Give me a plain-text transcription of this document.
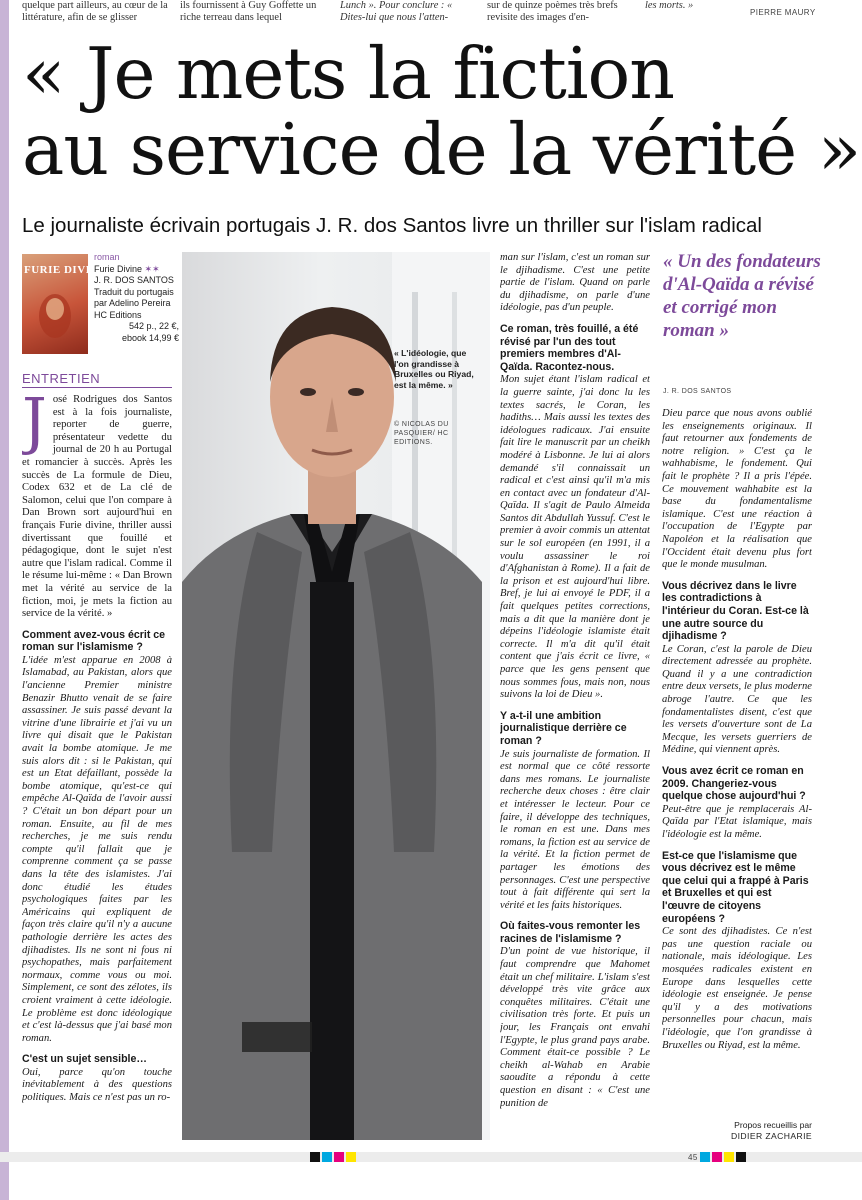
quelque part ailleurs, au cœur de la littérature, afin de se glisser
ils fournissent à Guy Goffette un riche terreau dans lequel
Lunch ». Pour conclure : « Dites-lui que nous l'atten-
sur de quinze poèmes très brefs revisite des images d'en-
les morts. »
PIERRE MAURY
« Je mets la fiction
au service de la vérité »
Le journaliste écrivain portugais J. R. dos Santos livre un thriller sur l'islam radical
FURIE DIVINE
roman
Furie Divine ✶✶
J. R. DOS SANTOS
Traduit du portugais par Adelino Pereira
HC Editions
542 p., 22 €,
ebook 14,99 €
ENTRETIEN

José Rodrigues dos Santos est à la fois journaliste, reporter de guerre, présentateur vedette du journal de 20 h au Portugal et romancier à succès. Après les succès de La formule de Dieu, Codex 632 et de La clé de Salomon, celui que l'on compare à Dan Brown sort aujourd'hui en français Furie divine, thriller aussi divertissant que fouillé et pédagogique, dont le sujet n'est autre que l'islam radical. Comme il le résume lui-même : « Dan Brown met la vérité au service de la fiction, moi, je mets la fiction au service de la vérité. »

Comment avez-vous écrit ce roman sur l'islamisme ?

L'idée m'est apparue en 2008 à Islamabad, au Pakistan, alors que l'ancienne Premier ministre Benazir Bhutto venait de se faire assassiner. Je suis passé devant la vitrine d'une librairie et j'ai vu un livre qui disait que le Pakistan avait la bombe atomique. Je me suis alors dit : si le Pakistan, qui est un Etat défaillant, possède la bombe atomique, qu'est-ce qui empêche Al-Qaïda de l'avoir aussi ? C'était un bon départ pour un roman. Ensuite, au fil de mes recherches, je me suis rendu compte qu'il fallait que je comprenne comment ça se passe dans la tête des islamistes. J'ai donc étudié les études psychologiques faites par les Américains qui expliquent de façon très claire qu'il n'y a aucune pathologie derrière les actes des djihadistes. Ils ne sont ni fous ni psychopathes, mais parfaitement normaux, comme vous ou moi. Simplement, ce sont des zélotes, ils croient vraiment à cette idéologie. Le problème est donc idéologique et c'est là-dessus que j'ai basé mon roman.

C'est un sujet sensible…

Oui, parce qu'on touche inévitablement à des questions politiques. Mais ce n'est pas un ro-

« L'idéologie, que l'on grandisse à Bruxelles ou Riyad, est la même. »
© NICOLAS DU PASQUIER/ HC EDITIONS.

man sur l'islam, c'est un roman sur le djihadisme. C'est une petite partie de l'islam. Quand on parle du djihadisme, on parle d'une idéologie, pas d'un peuple.

Ce roman, très fouillé, a été révisé par l'un des tout premiers membres d'Al-Qaïda. Racontez-nous.

Mon sujet étant l'islam radical et la guerre sainte, j'ai donc lu les textes sacrés, le Coran, les hadiths… Mais aussi les textes des idéologues radicaux. J'ai ensuite fait lire le manuscrit par un cheikh modéré à Lisbonne. Je lui ai alors demandé s'il connaissait un radical et c'est ainsi qu'il m'a mis en contact avec un fondateur d'Al-Qaïda. Il s'agit de Paulo Almeida Santos dit Abdullah Yussuf. C'est le premier à avoir commis un attentat sur le sol européen (en 1991, il a voulu assassiner le roi d'Afghanistan à Rome). Il a fait de la prison et est aujourd'hui libre. Bref, je lui ai envoyé le PDF, il a fait quelques petites corrections, mais a dit que la manière dont je dépeins l'idéologie islamiste était correcte. Il m'a dit qu'il était content que j'ais écrit ce livre, « parce que les gens pensent que nous sommes fous, mais non, nous suivons la loi de Dieu ».

Y a-t-il une ambition journalistique derrière ce roman ?

Je suis journaliste de formation. Il est normal que ce côté ressorte dans mes romans. Le journaliste recherche deux choses : être clair et intéresser le lecteur. Pour ce faire, il développe des techniques, le roman en est une. Dans mes romans, la fiction est au service de la vérité. Et la fiction permet de partager les émotions des personnages. C'est une perspective tout à fait différente qui sert la vérité et les faits historiques.

Où faites-vous remonter les racines de l'islamisme ?

D'un point de vue historique, il faut comprendre que Mahomet était un chef militaire. L'islam s'est développé très vite grâce aux conquêtes militaires. C'était une civilisation très forte. Et puis un jour, les Français ont envahi l'Egypte, le plus grand pays arabe. Comment était-ce possible ? Le cheikh al-Wahab en Arabie saoudite a répondu à cette question en disant : « C'est une punition de

« Un des fondateurs d'Al-Qaïda a révisé et corrigé mon roman »
J. R. DOS SANTOS

Dieu parce que nous avons oublié les enseignements originaux. Il faut retourner aux fondements de notre religion. » C'est ça le wahhabisme, le fondement. Qui fait le prophète ? Il a pris l'épée. Ce mouvement wahhabite est la base du fondamentalisme islamique. C'est une réaction à l'occupation de l'Egypte par Napoléon et la réalisation que l'Occident était devenu plus fort que le monde musulman.

Vous décrivez dans le livre les contradictions à l'intérieur du Coran. Est-ce là une autre source du djihadisme ?

Le Coran, c'est la parole de Dieu directement adressée au prophète. Quand il y a une contradiction entre deux versets, le plus moderne abroge l'autre. Ce que les fondamentalistes disent, c'est que les versets d'ouverture sont de La Mecque, les versets guerriers de Médine, qui viennent après.

Vous avez écrit ce roman en 2009. Changeriez-vous quelque chose aujourd'hui ?

Peut-être que je remplacerais Al-Qaïda par l'Etat islamique, mais l'idéologie est la même.

Est-ce que l'islamisme que vous décrivez est le même que celui qui a frappé à Paris et Bruxelles et qui est l'œuvre de citoyens européens ?

Ce sont des djihadistes. Ce n'est pas une question raciale ou nationale, mais idéologique. Les mosquées radicales existent en Europe dans lesquelles cette idéologie est enseignée. Je pense qu'il y a des motivations personnelles pour chacun, mais l'idéologie, que l'on grandisse à Bruxelles ou Riyad, est la même.

Propos recueillis par
DIDIER ZACHARIE
45
